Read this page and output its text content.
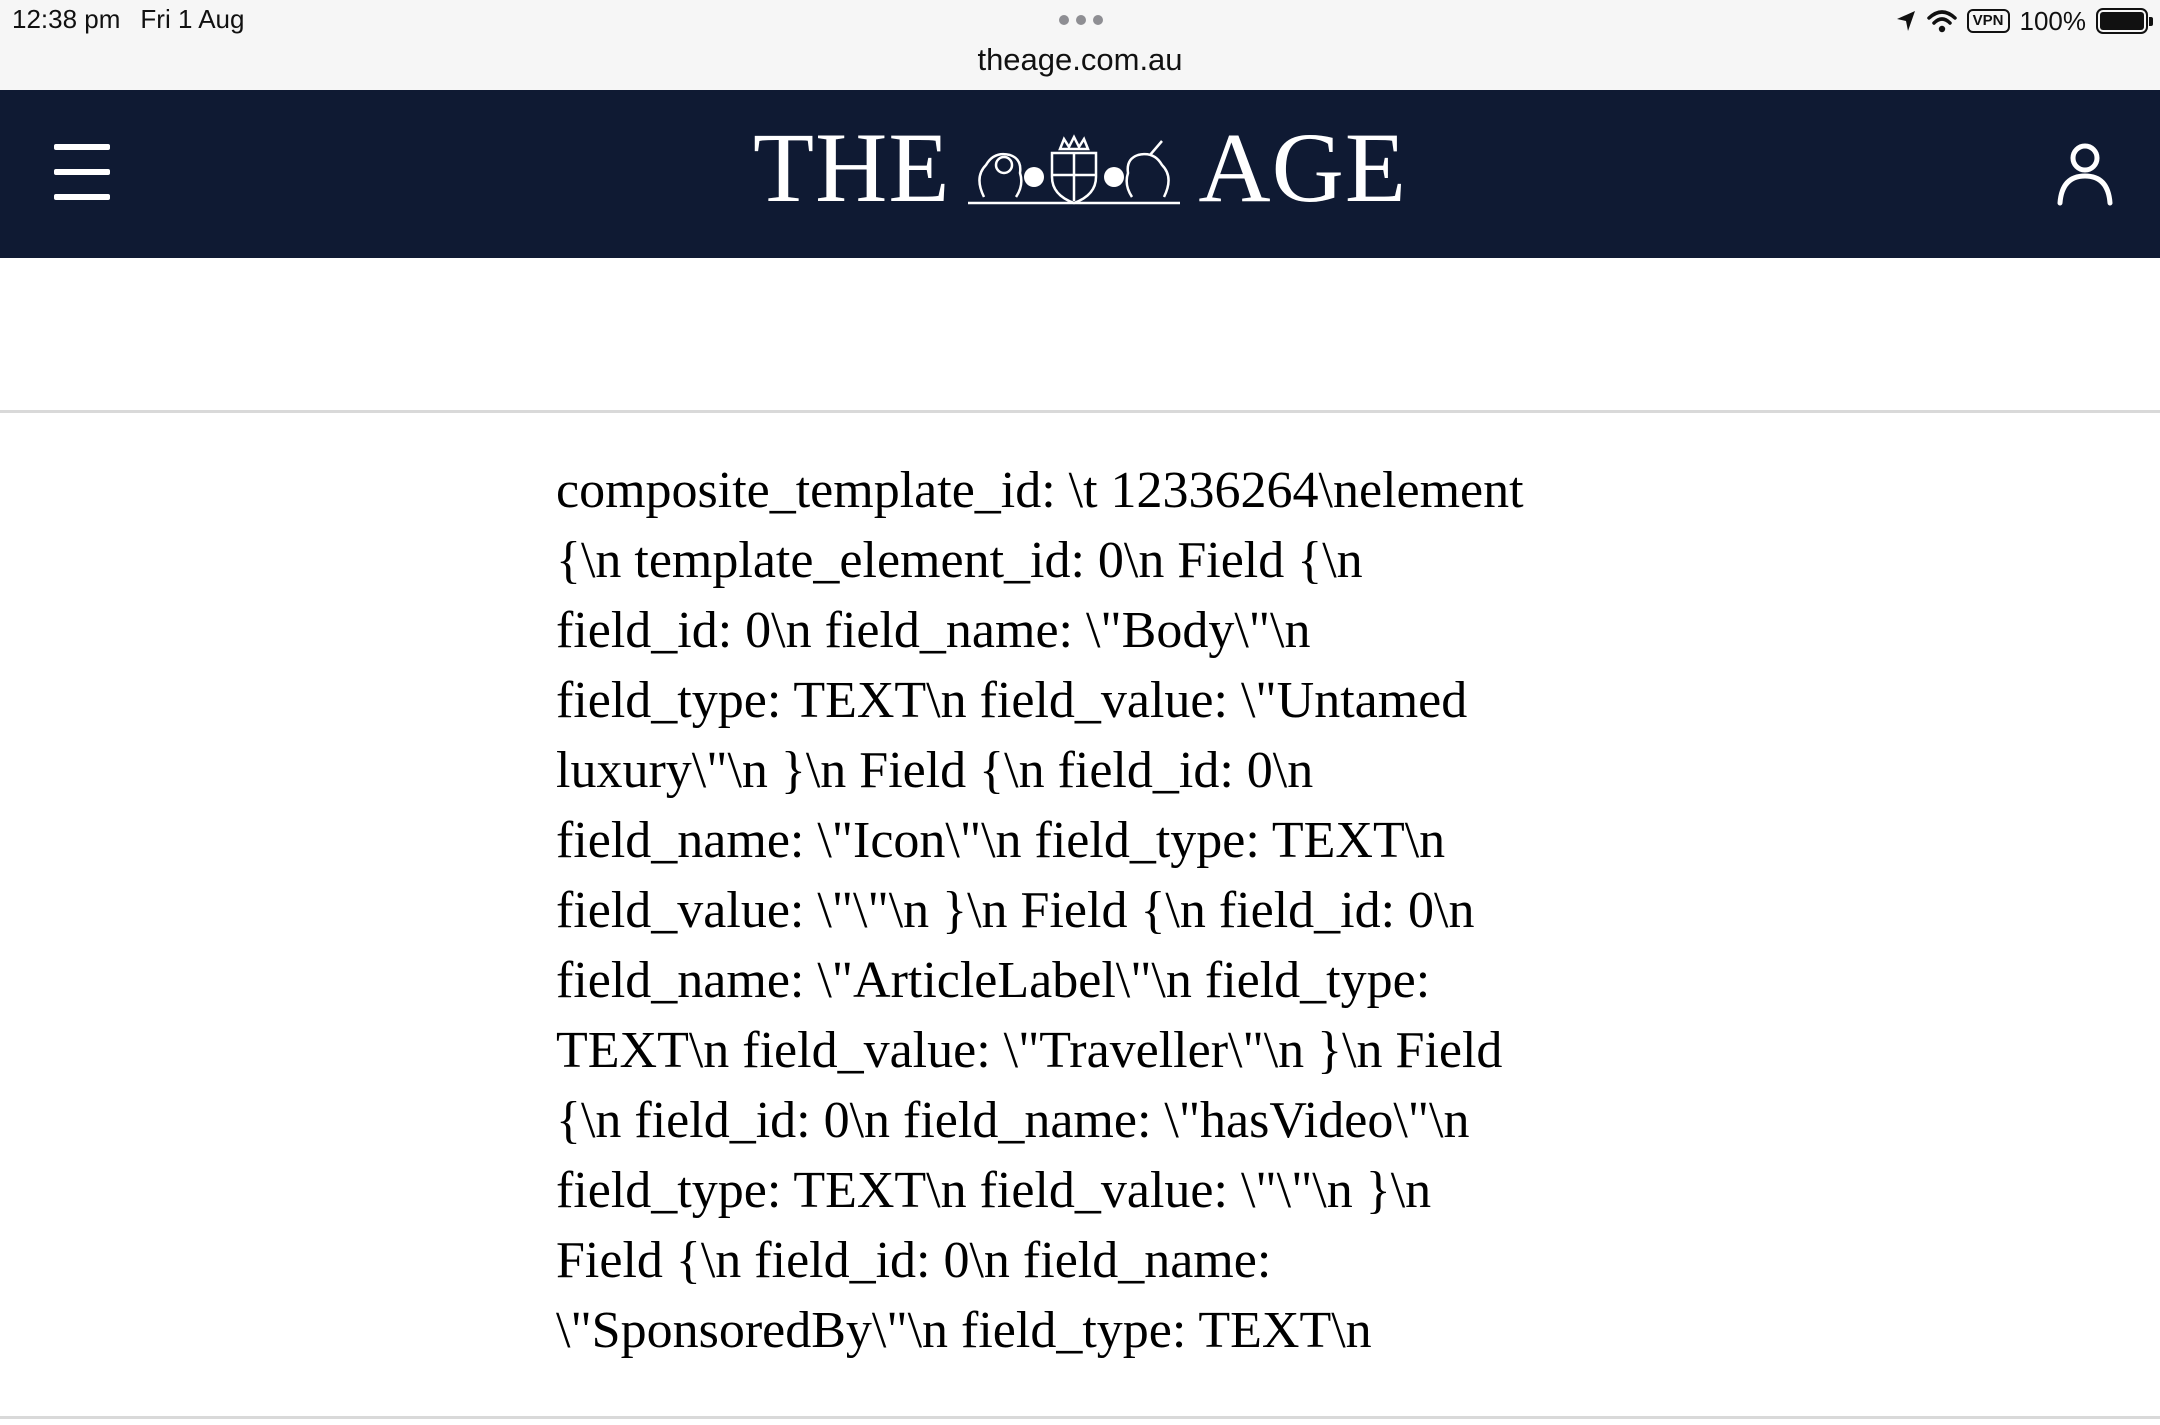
12:38 pm Fri 1 Aug
theage.com.au
VPN 100%
THE AGE

composite_template_id: \t 12336264\nelement
{\n template_element_id: 0\n Field {\n
field_id: 0\n field_name: \"Body\"\n
field_type: TEXT\n field_value: \"Untamed
luxury\"\n }\n Field {\n field_id: 0\n
field_name: \"Icon\"\n field_type: TEXT\n
field_value: \"\"\n }\n Field {\n field_id: 0\n
field_name: \"ArticleLabel\"\n field_type:
TEXT\n field_value: \"Traveller\"\n }\n Field
{\n field_id: 0\n field_name: \"hasVideo\"\n
field_type: TEXT\n field_value: \"\"\n }\n
Field {\n field_id: 0\n field_name:
\"SponsoredBy\"\n field_type: TEXT\n
